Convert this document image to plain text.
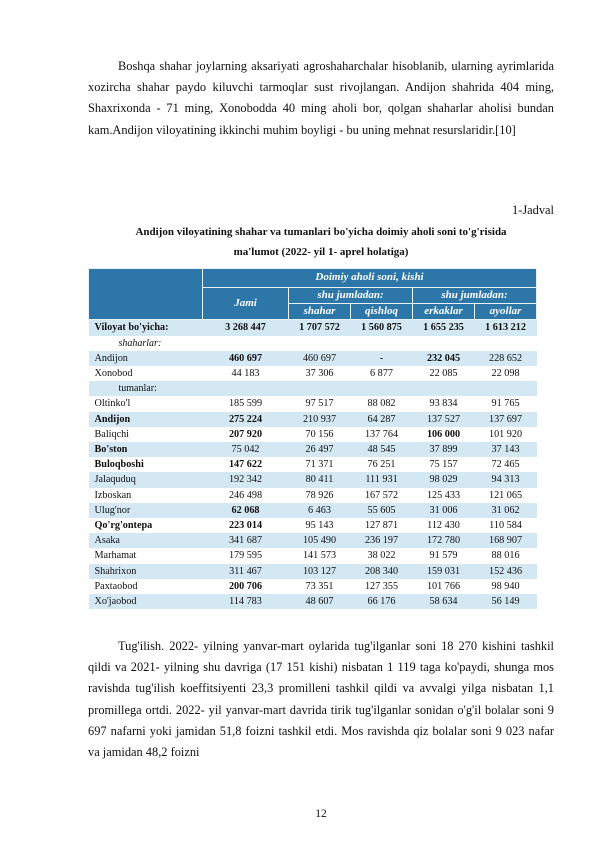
Boshqa shahar joylarning aksariyati agroshaharchalar hisoblanib, ularning ayrimlarida xozircha shahar paydo kiluvchi tarmoqlar sust rivojlangan. Andijon shahrida 404 ming, Shaxrixonda - 71 ming, Xonobodda 40 ming aholi bor, qolgan shaharlar aholisi bundan kam.Andijon viloyatining ikkinchi muhim boyligi - bu uning mehnat resurslaridir.[10]

1-Jadval
Andijon viloyatining shahar va tumanlari bo'yicha doimiy aholi soni to'g'risida
ma'lumot (2022- yil 1- aprel holatiga)
	Doimiy aholi soni, kishi				
	Jami	shu jumladan:		shu jumladan:	
		shahar	qishloq	erkaklar	ayollar
Viloyat bo'yicha:	3 268 447	1 707 572	1 560 875	1 655 235	1 613 212
shaharlar:					
Andijon	460 697	460 697	-	232 045	228 652
Xonobod	44 183	37 306	6 877	22 085	22 098
tumanlar:					
Oltinko'l	185 599	97 517	88 082	93 834	91 765
Andijon	275 224	210 937	64 287	137 527	137 697
Baliqchi	207 920	70 156	137 764	106 000	101 920
Bo'ston	75 042	26 497	48 545	37 899	37 143
Buloqboshi	147 622	71 371	76 251	75 157	72 465
Jalaquduq	192 342	80 411	111 931	98 029	94 313
Izboskan	246 498	78 926	167 572	125 433	121 065
Ulug'nor	62 068	6 463	55 605	31 006	31 062
Qo'rg'ontepa	223 014	95 143	127 871	112 430	110 584
Asaka	341 687	105 490	236 197	172 780	168 907
Marhamat	179 595	141 573	38 022	91 579	88 016
Shahrixon	311 467	103 127	208 340	159 031	152 436
Paxtaobod	200 706	73 351	127 355	101 766	98 940
Xo'jaobod	114 783	48 607	66 176	58 634	56 149

Tug'ilish. 2022- yilning yanvar-mart oylarida tug'ilganlar soni 18 270 kishini tashkil qildi va 2021- yilning shu davriga (17 151 kishi) nisbatan 1 119 taga ko'paydi, shunga mos ravishda tug'ilish koeffitsiyenti 23,3 promilleni tashkil qildi va avvalgi yilga nisbatan 1,1 promillega ortdi. 2022- yil yanvar-mart davrida tirik tug'ilganlar sonidan o'g'il bolalar soni 9 697 nafarni yoki jamidan 51,8 foizni tashkil etdi. Mos ravishda qiz bolalar soni 9 023 nafar va jamidan 48,2 foizni

12
